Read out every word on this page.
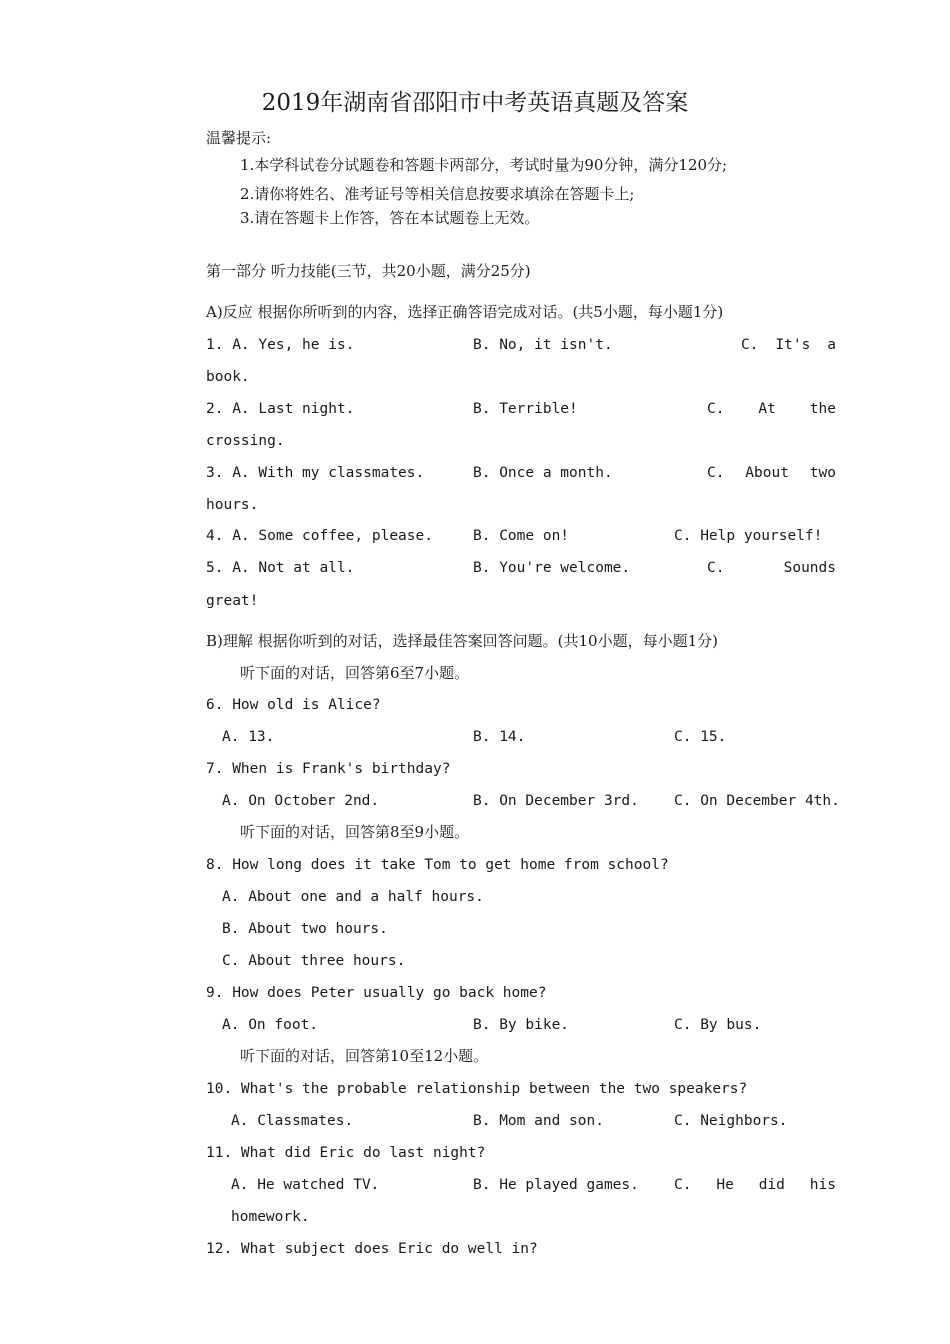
2019年湖南省邵阳市中考英语真题及答案
温馨提示:
1.本学科试卷分试题卷和答题卡两部分，考试时量为90分钟，满分120分;
2.请你将姓名、准考证号等相关信息按要求填涂在答题卡上;
3.请在答题卡上作答，答在本试题卷上无效。
第一部分 听力技能(三节，共20小题，满分25分)
A)反应 根据你所听到的内容，选择正确答语完成对话。(共5小题，每小题1分)
1. A. Yes, he is.	B. No, it isn't.	C. It's a
book.
2. A. Last night.	B. Terrible!	C. At the
crossing.
3. A. With my classmates.	B. Once a month.	C. About two
hours.
4. A. Some coffee, please.	B. Come on!	C. Help yourself!
5. A. Not at all.	B. You're welcome.	C.	Sounds
great!
B)理解 根据你听到的对话，选择最佳答案回答问题。(共10小题，每小题1分)
听下面的对话，回答第6至7小题。
6. How old is Alice?
A. 13.	B. 14.	C. 15.
7. When is Frank's birthday?
A. On October 2nd.	B. On December 3rd. C. On December 4th.
听下面的对话，回答第8至9小题。
8. How long does it take Tom to get home from school?
A. About one and a half hours.
B. About two hours.
C. About three hours.
9. How does Peter usually go back home?
A. On foot.	B. By bike.	C. By bus.
听下面的对话，回答第10至12小题。
10. What's the probable relationship between the two speakers?
A. Classmates.	B. Mom and son.	C. Neighbors.
11. What did Eric do last night?
A. He watched TV.	B. He played games. C. He did his
homework.
12. What subject does Eric do well in?
